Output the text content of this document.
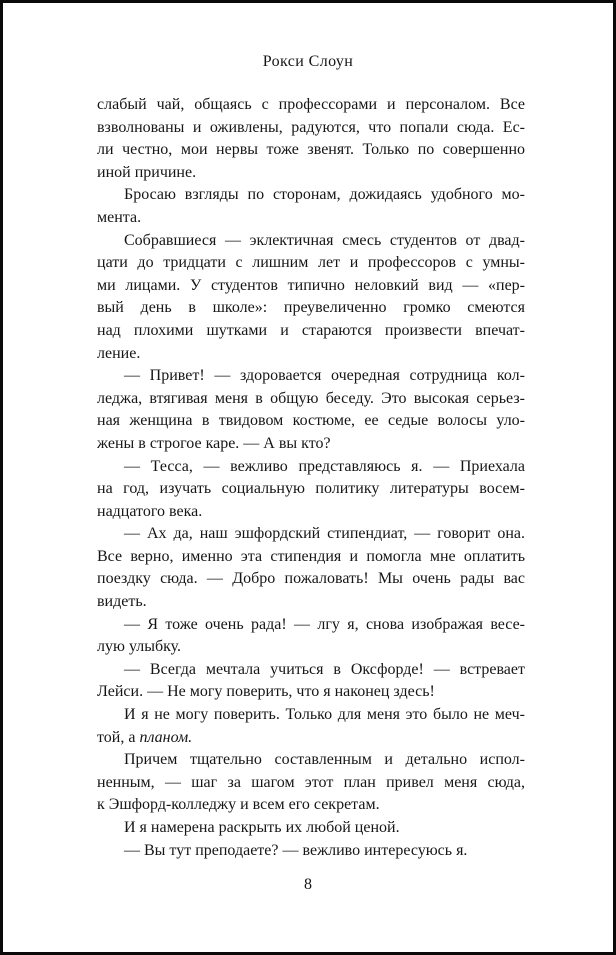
Рокси Слоун
слабый чай, общаясь с профессорами и персоналом. Все
взволнованы и оживлены, радуются, что попали сюда. Ес-
ли честно, мои нервы тоже звенят. Только по совершенно
иной причине.
Бросаю взгляды по сторонам, дожидаясь удобного мо-
мента.
Собравшиеся — эклектичная смесь студентов от двад-
цати до тридцати с лишним лет и профессоров с умны-
ми лицами. У студентов типично неловкий вид — «пер-
вый день в школе»: преувеличенно громко смеются
над плохими шутками и стараются произвести впечат-
ление.
— Привет! — здоровается очередная сотрудница кол-
леджа, втягивая меня в общую беседу. Это высокая серьез-
ная женщина в твидовом костюме, ее седые волосы уло-
жены в строгое каре. — А вы кто?
— Тесса, — вежливо представляюсь я. — Приехала
на год, изучать социальную политику литературы восем-
надцатого века.
— Ах да, наш эшфордский стипендиат, — говорит она.
Все верно, именно эта стипендия и помогла мне оплатить
поездку сюда. — Добро пожаловать! Мы очень рады вас
видеть.
— Я тоже очень рада! — лгу я, снова изображая весе-
лую улыбку.
— Всегда мечтала учиться в Оксфорде! — встревает
Лейси. — Не могу поверить, что я наконец здесь!
И я не могу поверить. Только для меня это было не меч-
той, а планом.
Причем тщательно составленным и детально испол-
ненным, — шаг за шагом этот план привел меня сюда,
к Эшфорд-колледжу и всем его секретам.
И я намерена раскрыть их любой ценой.
— Вы тут преподаете? — вежливо интересуюсь я.
8
